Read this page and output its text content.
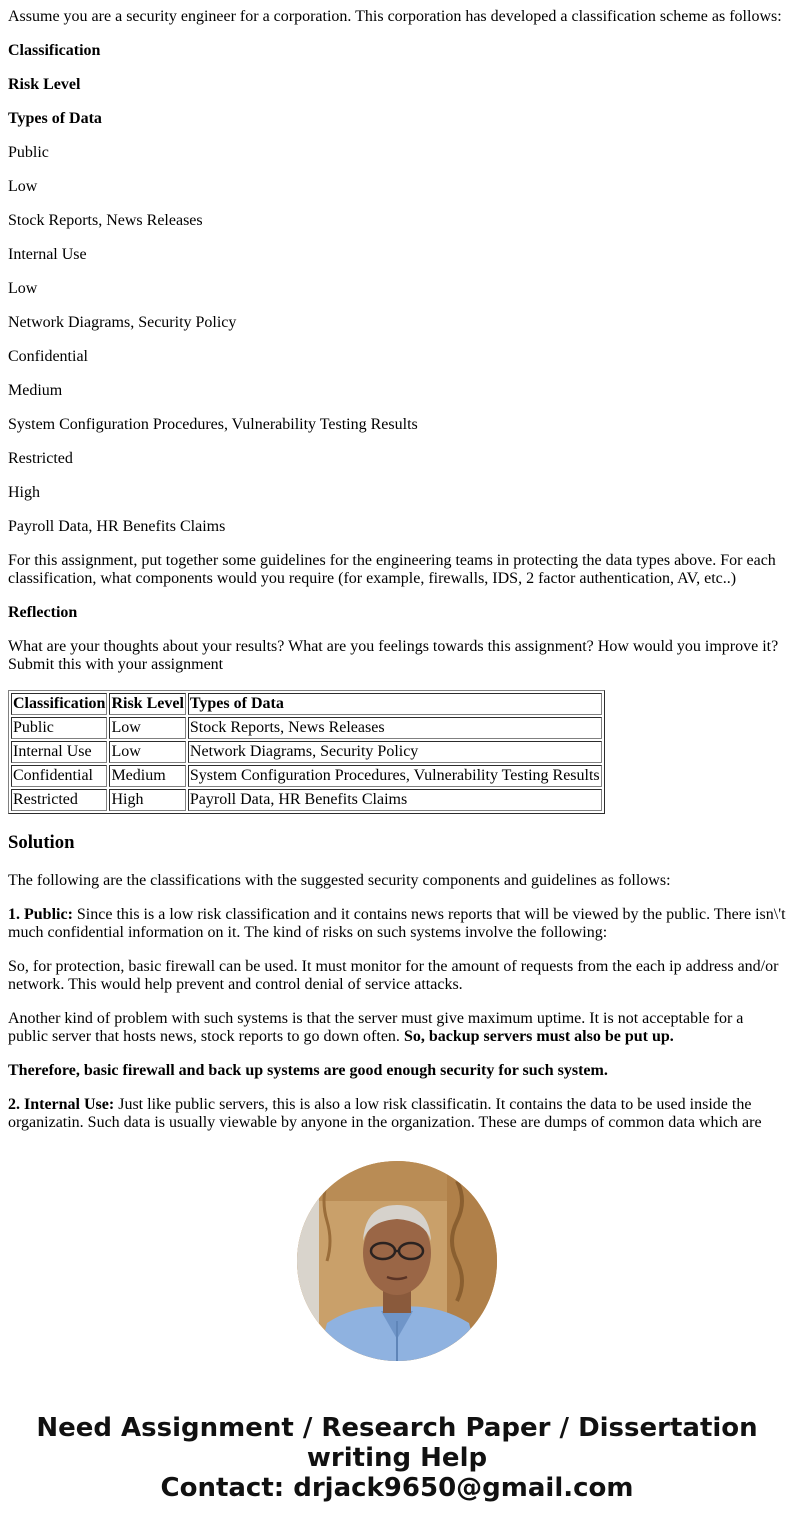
Assume you are a security engineer for a corporation. This corporation has developed a classification scheme as follows:

Classification

Risk Level

Types of Data

Public

Low

Stock Reports, News Releases

Internal Use

Low

Network Diagrams, Security Policy

Confidential

Medium

System Configuration Procedures, Vulnerability Testing Results

Restricted

High

Payroll Data, HR Benefits Claims

For this assignment, put together some guidelines for the engineering teams in protecting the data types above. For each classification, what components would you require (for example, firewalls, IDS, 2 factor authentication, AV, etc..)

Reflection

What are your thoughts about your results? What are you feelings towards this assignment? How would you improve it? Submit this with your assignment

Classification	Risk Level	Types of Data
Public	Low	Stock Reports, News Releases
Internal Use	Low	Network Diagrams, Security Policy
Confidential	Medium	System Configuration Procedures, Vulnerability Testing Results
Restricted	High	Payroll Data, HR Benefits Claims
Solution

The following are the classifications with the suggested security components and guidelines as follows:

1. Public: Since this is a low risk classification and it contains news reports that will be viewed by the public. There isn\'t much confidential information on it. The kind of risks on such systems involve the following:

So, for protection, basic firewall can be used. It must monitor for the amount of requests from the each ip address and/or network. This would help prevent and control denial of service attacks.

Another kind of problem with such systems is that the server must give maximum uptime. It is not acceptable for a public server that hosts news, stock reports to go down often. So, backup servers must also be put up.

Therefore, basic firewall and back up systems are good enough security for such system.

2. Internal Use: Just like public servers, this is also a low risk classificatin. It contains the data to be used inside the organizatin. Such data is usually viewable by anyone in the organization. These are dumps of common data which are

Need Assignment / Research Paper / Dissertation
writing Help
Contact: drjack9650@gmail.com
